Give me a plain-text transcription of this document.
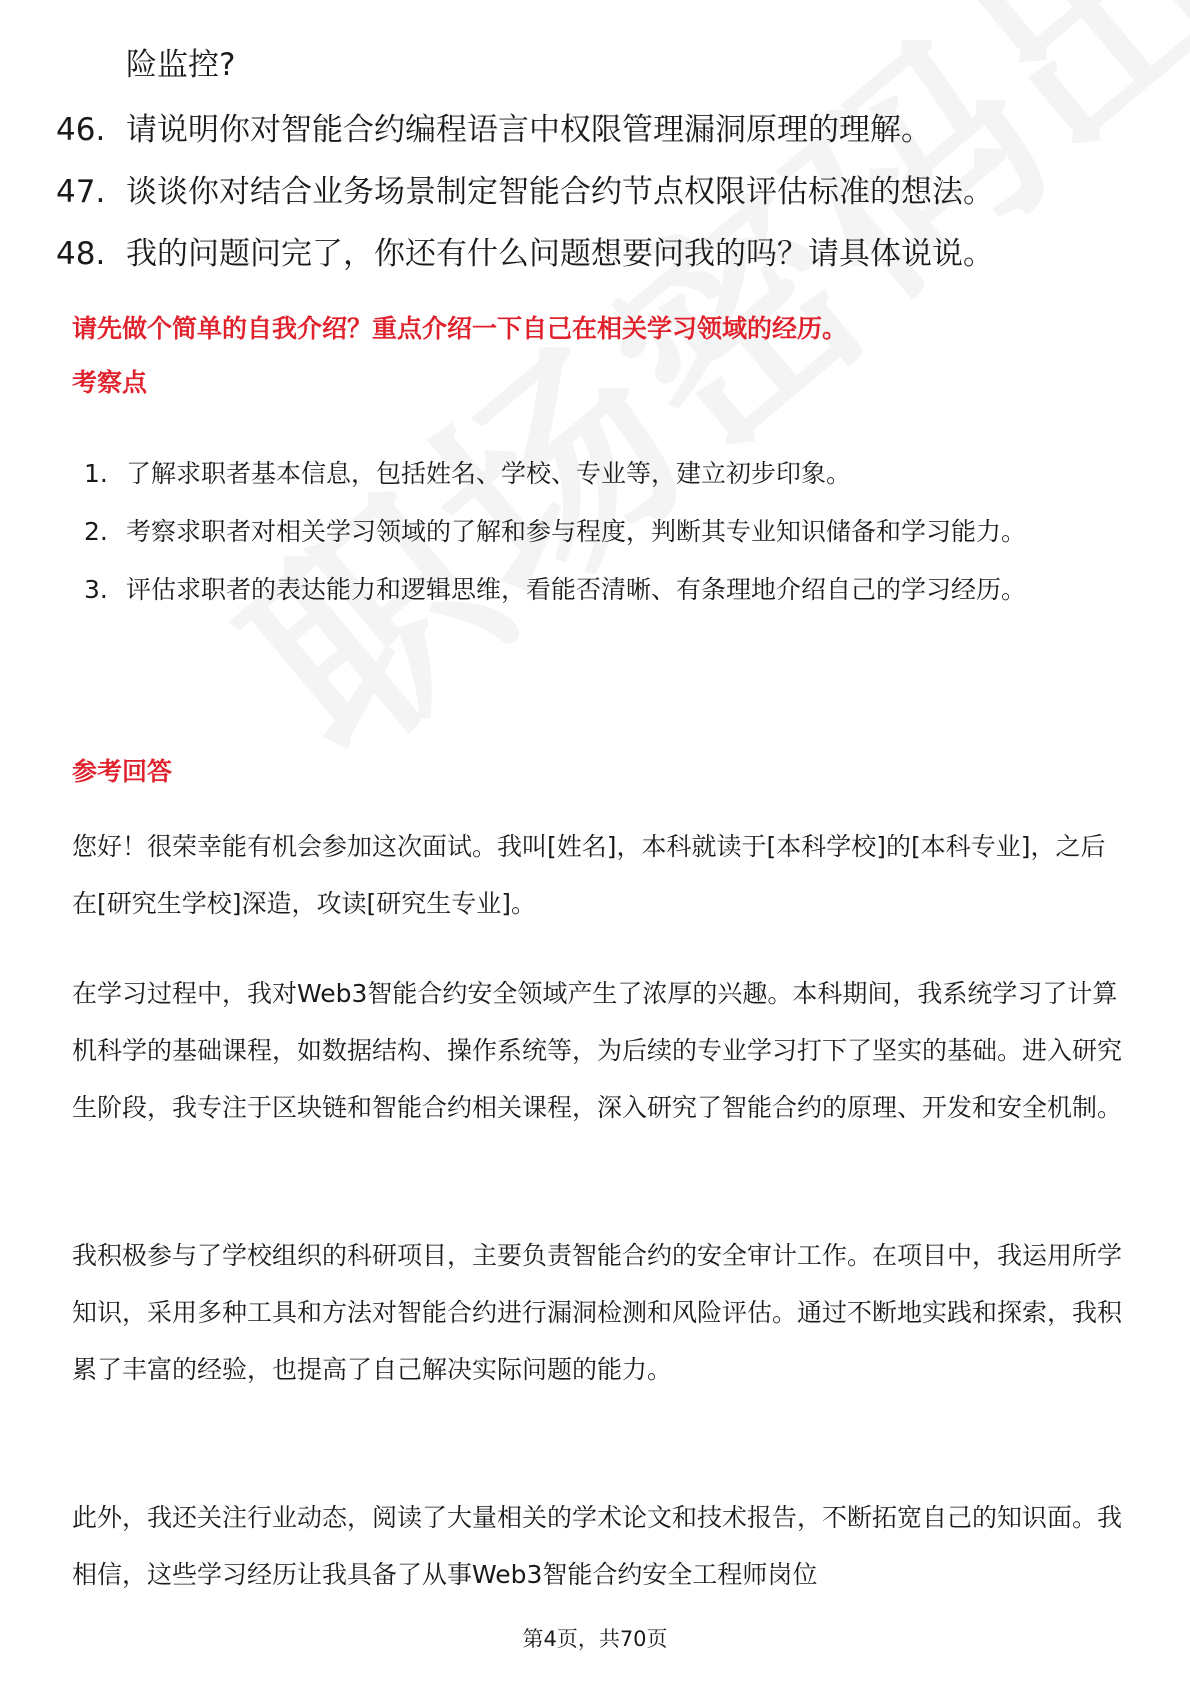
险监控?
46. 请说明你对智能合约编程语言中权限管理漏洞原理的理解。
47. 谈谈你对结合业务场景制定智能合约节点权限评估标准的想法。
48. 我的问题问完了，你还有什么问题想要问我的吗？请具体说说。
请先做个简单的自我介绍？重点介绍一下自己在相关学习领域的经历。
考察点
1. 了解求职者基本信息，包括姓名、学校、专业等，建立初步印象。
2. 考察求职者对相关学习领域的了解和参与程度，判断其专业知识储备和学习能力。
3. 评估求职者的表达能力和逻辑思维，看能否清晰、有条理地介绍自己的学习经历。
参考回答
您好！很荣幸能有机会参加这次面试。我叫[姓名]，本科就读于[本科学校]的[本科专业]，之后在[研究生学校]深造，攻读[研究生专业]。
在学习过程中，我对Web3智能合约安全领域产生了浓厚的兴趣。本科期间，我系统学习了计算机科学的基础课程，如数据结构、操作系统等，为后续的专业学习打下了坚实的基础。进入研究生阶段，我专注于区块链和智能合约相关课程，深入研究了智能合约的原理、开发和安全机制。
我积极参与了学校组织的科研项目，主要负责智能合约的安全审计工作。在项目中，我运用所学知识，采用多种工具和方法对智能合约进行漏洞检测和风险评估。通过不断地实践和探索，我积累了丰富的经验，也提高了自己解决实际问题的能力。
此外，我还关注行业动态，阅读了大量相关的学术论文和技术报告，不断拓宽自己的知识面。我相信，这些学习经历让我具备了从事Web3智能合约安全工程师岗位
第4页，共70页
